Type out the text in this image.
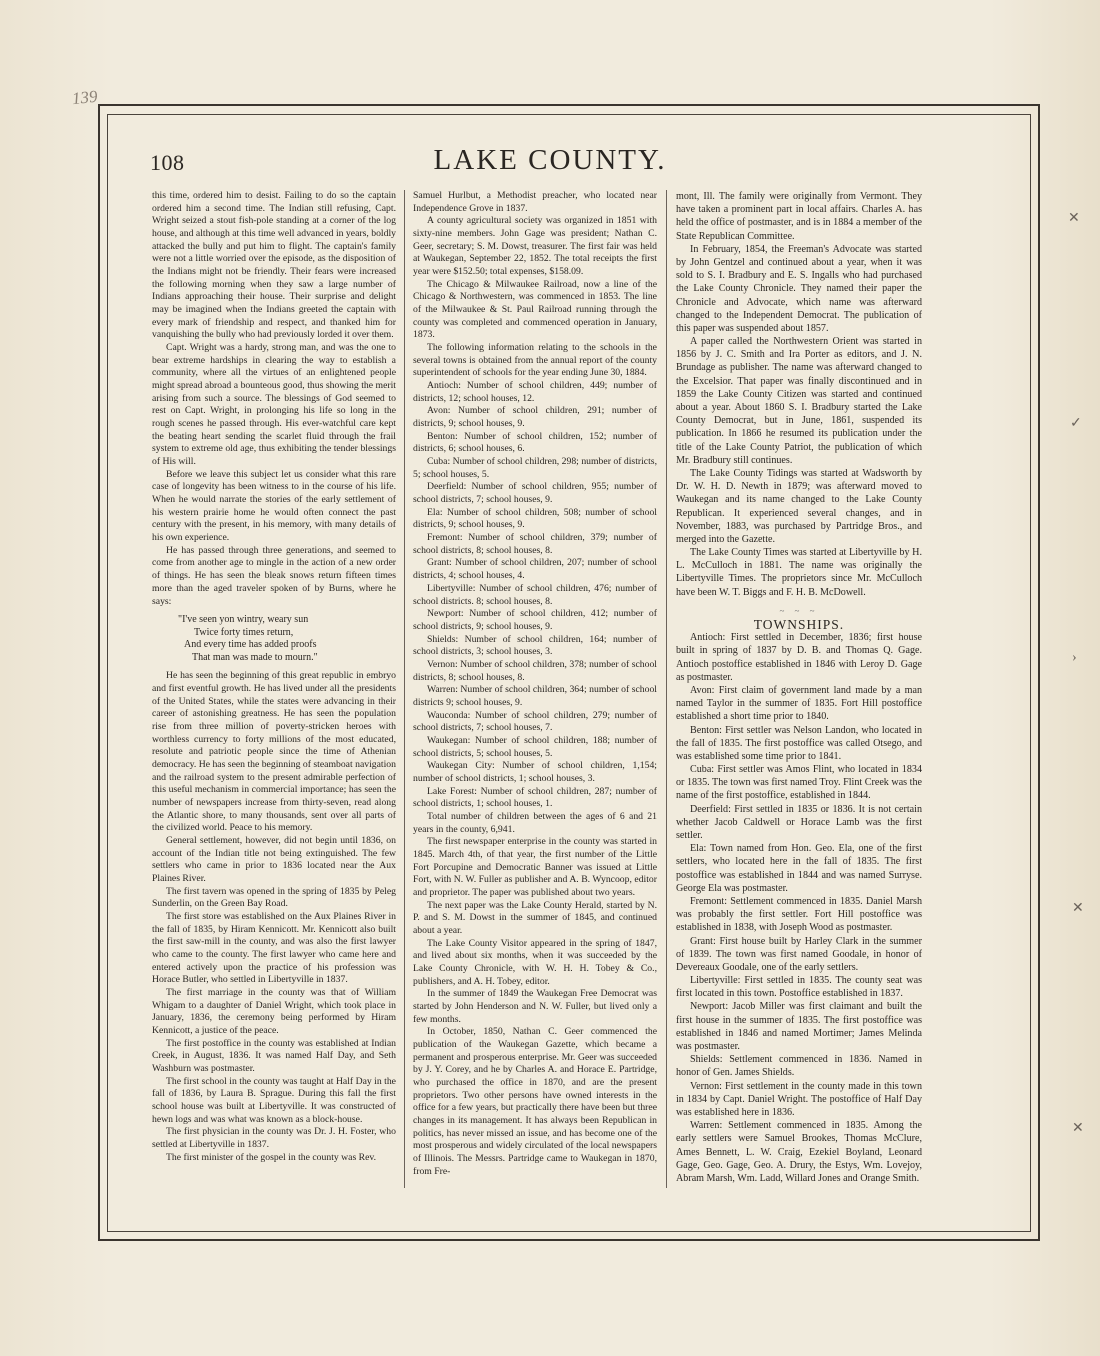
139
✕
✓
›
✕
✕
108	LAKE COUNTY.

this time, ordered him to desist. Failing to do so the captain ordered him a second time. The Indian still refusing, Capt. Wright seized a stout fish-pole standing at a corner of the log house, and although at this time well advanced in years, boldly attacked the bully and put him to flight. The captain's family were not a little worried over the episode, as the disposition of the Indians might not be friendly. Their fears were increased the following morning when they saw a large number of Indians approaching their house. Their surprise and delight may be imagined when the Indians greeted the captain with every mark of friendship and respect, and thanked him for vanquishing the bully who had previously lorded it over them.

Capt. Wright was a hardy, strong man, and was the one to bear extreme hardships in clearing the way to establish a community, where all the virtues of an enlightened people might spread abroad a bounteous good, thus showing the merit arising from such a source. The blessings of God seemed to rest on Capt. Wright, in prolonging his life so long in the rough scenes he passed through. His ever-watchful care kept the beating heart sending the scarlet fluid through the frail system to extreme old age, thus exhibiting the tender blessings of His will.

Before we leave this subject let us consider what this rare case of longevity has been witness to in the course of his life. When he would narrate the stories of the early settlement of his western prairie home he would often connect the past century with the present, in his memory, with many details of his own experience.

He has passed through three generations, and seemed to come from another age to mingle in the action of a new order of things. He has seen the bleak snows return fifteen times more than the aged traveler spoken of by Burns, where he says:

"I've seen yon wintry, weary sun
Twice forty times return,
And every time has added proofs
That man was made to mourn."

He has seen the beginning of this great republic in embryo and first eventful growth. He has lived under all the presidents of the United States, while the states were advancing in their career of astonishing greatness. He has seen the population rise from three million of poverty-stricken heroes with worthless currency to forty millions of the most educated, resolute and patriotic people since the time of Athenian democracy. He has seen the beginning of steamboat navigation and the railroad system to the present admirable perfection of this useful mechanism in commercial importance; has seen the number of newspapers increase from thirty-seven, read along the Atlantic shore, to many thousands, sent over all parts of the civilized world. Peace to his memory.

General settlement, however, did not begin until 1836, on account of the Indian title not being extinguished. The few settlers who came in prior to 1836 located near the Aux Plaines River.

The first tavern was opened in the spring of 1835 by Peleg Sunderlin, on the Green Bay Road.

The first store was established on the Aux Plaines River in the fall of 1835, by Hiram Kennicott. Mr. Kennicott also built the first saw-mill in the county, and was also the first lawyer who came to the county. The first lawyer who came here and entered actively upon the practice of his profession was Horace Butler, who settled in Libertyville in 1837.

The first marriage in the county was that of William Whigam to a daughter of Daniel Wright, which took place in January, 1836, the ceremony being performed by Hiram Kennicott, a justice of the peace.

The first postoffice in the county was established at Indian Creek, in August, 1836. It was named Half Day, and Seth Washburn was postmaster.

The first school in the county was taught at Half Day in the fall of 1836, by Laura B. Sprague. During this fall the first school house was built at Libertyville. It was constructed of hewn logs and was what was known as a block-house.

The first physician in the county was Dr. J. H. Foster, who settled at Libertyville in 1837.

The first minister of the gospel in the county was Rev.

Samuel Hurlbut, a Methodist preacher, who located near Independence Grove in 1837.

A county agricultural society was organized in 1851 with sixty-nine members. John Gage was president; Nathan C. Geer, secretary; S. M. Dowst, treasurer. The first fair was held at Waukegan, September 22, 1852. The total receipts the first year were $152.50; total expenses, $158.09.

The Chicago & Milwaukee Railroad, now a line of the Chicago & Northwestern, was commenced in 1853. The line of the Milwaukee & St. Paul Railroad running through the county was completed and commenced operation in January, 1873.

The following information relating to the schools in the several towns is obtained from the annual report of the county superintendent of schools for the year ending June 30, 1884.

Antioch: Number of school children, 449; number of districts, 12; school houses, 12.

Avon: Number of school children, 291; number of districts, 9; school houses, 9.

Benton: Number of school children, 152; number of districts, 6; school houses, 6.

Cuba: Number of school children, 298; number of districts, 5; school houses, 5.

Deerfield: Number of school children, 955; number of school districts, 7; school houses, 9.

Ela: Number of school children, 508; number of school districts, 9; school houses, 9.

Fremont: Number of school children, 379; number of school districts, 8; school houses, 8.

Grant: Number of school children, 207; number of school districts, 4; school houses, 4.

Libertyville: Number of school children, 476; number of school districts. 8; school houses, 8.

Newport: Number of school children, 412; number of school districts, 9; school houses, 9.

Shields: Number of school children, 164; number of school districts, 3; school houses, 3.

Vernon: Number of school children, 378; number of school districts, 8; school houses, 8.

Warren: Number of school children, 364; number of school districts 9; school houses, 9.

Wauconda: Number of school children, 279; number of school districts, 7; school houses, 7.

Waukegan: Number of school children, 188; number of school districts, 5; school houses, 5.

Waukegan City: Number of school children, 1,154; number of school districts, 1; school houses, 3.

Lake Forest: Number of school children, 287; number of school districts, 1; school houses, 1.

Total number of children between the ages of 6 and 21 years in the county, 6,941.

The first newspaper enterprise in the county was started in 1845. March 4th, of that year, the first number of the Little Fort Porcupine and Democratic Banner was issued at Little Fort, with N. W. Fuller as publisher and A. B. Wyncoop, editor and proprietor. The paper was published about two years.

The next paper was the Lake County Herald, started by N. P. and S. M. Dowst in the summer of 1845, and continued about a year.

The Lake County Visitor appeared in the spring of 1847, and lived about six months, when it was succeeded by the Lake County Chronicle, with W. H. H. Tobey & Co., publishers, and A. H. Tobey, editor.

In the summer of 1849 the Waukegan Free Democrat was started by John Henderson and N. W. Fuller, but lived only a few months.

In October, 1850, Nathan C. Geer commenced the publication of the Waukegan Gazette, which became a permanent and prosperous enterprise. Mr. Geer was succeeded by J. Y. Corey, and he by Charles A. and Horace E. Partridge, who purchased the office in 1870, and are the present proprietors. Two other persons have owned interests in the office for a few years, but practically there have been but three changes in its management. It has always been Republican in politics, has never missed an issue, and has become one of the most prosperous and widely circulated of the local newspapers of Illinois. The Messrs. Partridge came to Waukegan in 1870, from Fre-

mont, Ill. The family were originally from Vermont. They have taken a prominent part in local affairs. Charles A. has held the office of postmaster, and is in 1884 a member of the State Republican Committee.

In February, 1854, the Freeman's Advocate was started by John Gentzel and continued about a year, when it was sold to S. I. Bradbury and E. S. Ingalls who had purchased the Lake County Chronicle. They named their paper the Chronicle and Advocate, which name was afterward changed to the Independent Democrat. The publication of this paper was suspended about 1857.

A paper called the Northwestern Orient was started in 1856 by J. C. Smith and Ira Porter as editors, and J. N. Brundage as publisher. The name was afterward changed to the Excelsior. That paper was finally discontinued and in 1859 the Lake County Citizen was started and continued about a year. About 1860 S. I. Bradbury started the Lake County Democrat, but in June, 1861, suspended its publication. In 1866 he resumed its publication under the title of the Lake County Patriot, the publication of which Mr. Bradbury still continues.

The Lake County Tidings was started at Wadsworth by Dr. W. H. D. Newth in 1879; was afterward moved to Waukegan and its name changed to the Lake County Republican. It experienced several changes, and in November, 1883, was purchased by Partridge Bros., and merged into the Gazette.

The Lake County Times was started at Libertyville by H. L. McCulloch in 1881. The name was originally the Libertyville Times. The proprietors since Mr. McCulloch have been W. T. Biggs and F. H. B. McDowell.

~ ~ ~

TOWNSHIPS.

Antioch: First settled in December, 1836; first house built in spring of 1837 by D. B. and Thomas Q. Gage. Antioch postoffice established in 1846 with Leroy D. Gage as postmaster.

Avon: First claim of government land made by a man named Taylor in the summer of 1835. Fort Hill postoffice established a short time prior to 1840.

Benton: First settler was Nelson Landon, who located in the fall of 1835. The first postoffice was called Otsego, and was established some time prior to 1841.

Cuba: First settler was Amos Flint, who located in 1834 or 1835. The town was first named Troy. Flint Creek was the name of the first postoffice, established in 1844.

Deerfield: First settled in 1835 or 1836. It is not certain whether Jacob Caldwell or Horace Lamb was the first settler.

Ela: Town named from Hon. Geo. Ela, one of the first settlers, who located here in the fall of 1835. The first postoffice was established in 1844 and was named Surryse. George Ela was postmaster.

Fremont: Settlement commenced in 1835. Daniel Marsh was probably the first settler. Fort Hill postoffice was established in 1838, with Joseph Wood as postmaster.

Grant: First house built by Harley Clark in the summer of 1839. The town was first named Goodale, in honor of Devereaux Goodale, one of the early settlers.

Libertyville: First settled in 1835. The county seat was first located in this town. Postoffice established in 1837.

Newport: Jacob Miller was first claimant and built the first house in the summer of 1835. The first postoffice was established in 1846 and named Mortimer; James Melinda was postmaster.

Shields: Settlement commenced in 1836. Named in honor of Gen. James Shields.

Vernon: First settlement in the county made in this town in 1834 by Capt. Daniel Wright. The postoffice of Half Day was established here in 1836.

Warren: Settlement commenced in 1835. Among the early settlers were Samuel Brookes, Thomas McClure, Ames Bennett, L. W. Craig, Ezekiel Boyland, Leonard Gage, Geo. Gage, Geo. A. Drury, the Estys, Wm. Lovejoy, Abram Marsh, Wm. Ladd, Willard Jones and Orange Smith.
